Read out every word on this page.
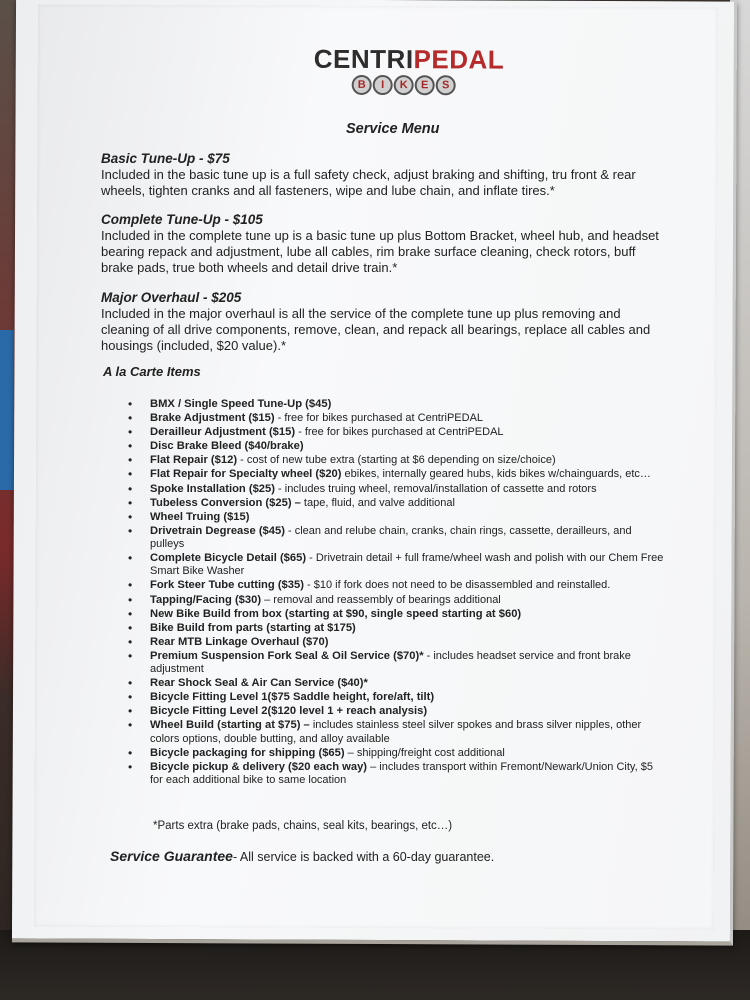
CENTRIPEDAL
B	I	K	E	S
Service Menu
Basic Tune-Up - $75

Included in the basic tune up is a full safety check, adjust braking and shifting, tru front & rear wheels, tighten cranks and all fasteners, wipe and lube chain, and inflate tires.*

Complete Tune-Up - $105

Included in the complete tune up is a basic tune up plus Bottom Bracket, wheel hub, and headset bearing repack and adjustment, lube all cables, rim brake surface cleaning, check rotors, buff brake pads, true both wheels and detail drive train.*

Major Overhaul - $205

Included in the major overhaul is all the service of the complete tune up plus removing and cleaning of all drive components, remove, clean, and repack all bearings, replace all cables and housings (included, $20 value).*

A la Carte Items
• BMX / Single Speed Tune-Up ($45)
• Brake Adjustment ($15) - free for bikes purchased at CentriPEDAL
• Derailleur Adjustment ($15) - free for bikes purchased at CentriPEDAL
• Disc Brake Bleed ($40/brake)
• Flat Repair ($12) - cost of new tube extra (starting at $6 depending on size/choice)
• Flat Repair for Specialty wheel ($20) ebikes, internally geared hubs, kids bikes w/chainguards, etc…
• Spoke Installation ($25) - includes truing wheel, removal/installation of cassette and rotors
• Tubeless Conversion ($25) – tape, fluid, and valve additional
• Wheel Truing ($15)
• Drivetrain Degrease ($45) - clean and relube chain, cranks, chain rings, cassette, derailleurs, and pulleys
• Complete Bicycle Detail ($65) - Drivetrain detail + full frame/wheel wash and polish with our Chem Free Smart Bike Washer
• Fork Steer Tube cutting ($35) - $10 if fork does not need to be disassembled and reinstalled.
• Tapping/Facing ($30) – removal and reassembly of bearings additional
• New Bike Build from box (starting at $90, single speed starting at $60)
• Bike Build from parts (starting at $175)
• Rear MTB Linkage Overhaul ($70)
• Premium Suspension Fork Seal & Oil Service ($70)* - includes headset service and front brake adjustment
• Rear Shock Seal & Air Can Service ($40)*
• Bicycle Fitting Level 1($75 Saddle height, fore/aft, tilt)
• Bicycle Fitting Level 2($120 level 1 + reach analysis)
• Wheel Build (starting at $75) – includes stainless steel silver spokes and brass silver nipples, other colors options, double butting, and alloy available
• Bicycle packaging for shipping ($65) – shipping/freight cost additional
• Bicycle pickup & delivery ($20 each way) – includes transport within Fremont/Newark/Union City, $5 for each additional bike to same location
*Parts extra (brake pads, chains, seal kits, bearings, etc…)
Service Guarantee- All service is backed with a 60-day guarantee.
